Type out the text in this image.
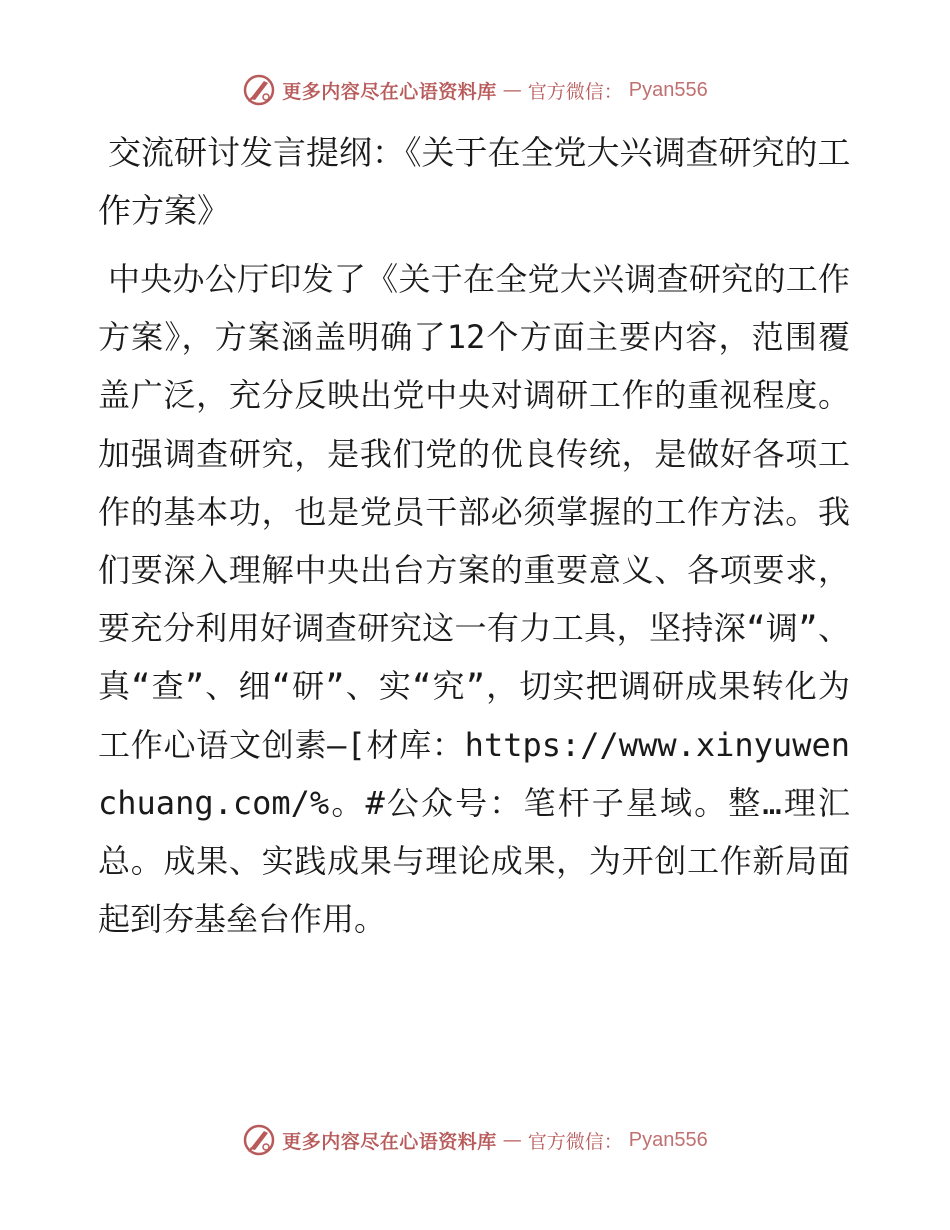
更多内容尽在心语资料库 — 官方微信： Pyan556
交流研讨发言提纲：《关于在全党大兴调查研究的工作方案》

中央办公厅印发了《关于在全党大兴调查研究的工作方案》，方案涵盖明确了12个方面主要内容，范围覆盖广泛，充分反映出党中央对调研工作的重视程度。加强调查研究，是我们党的优良传统，是做好各项工作的基本功，也是党员干部必须掌握的工作方法。我们要深入理解中央出台方案的重要意义、各项要求，要充分利用好调查研究这一有力工具，坚持深“调”、真“查”、细“研”、实“究”，切实把调研成果转化为工作心语文创素—[材库：https://www.xinyuwenchuang.com/%。#公众号：笔杆子星域。整…理汇总。成果、实践成果与理论成果，为开创工作新局面起到夯基垒台作用。

更多内容尽在心语资料库 — 官方微信： Pyan556
